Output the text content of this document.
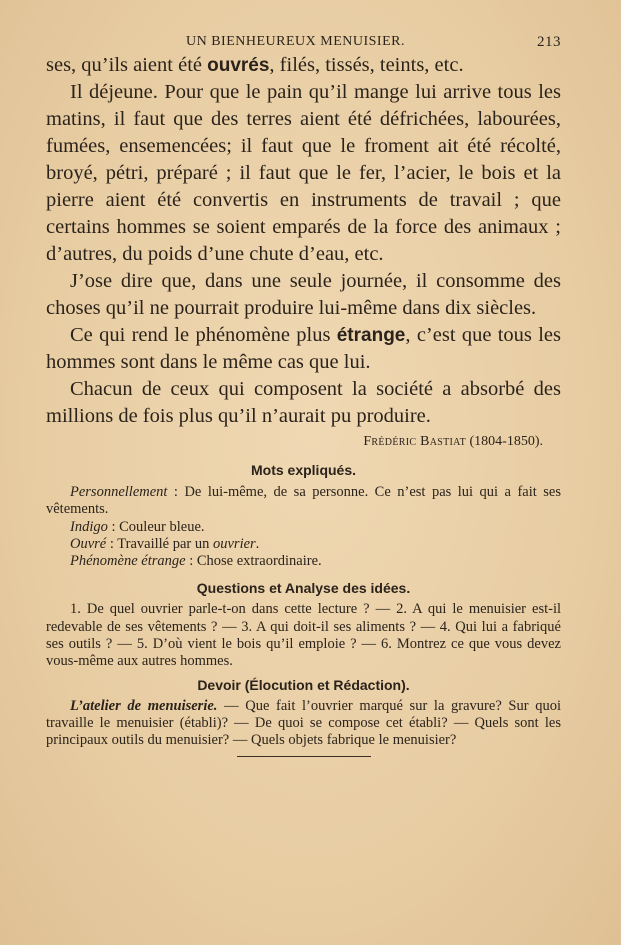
UN BIENHEUREUX MENUISIER.	213

ses, qu’ils aient été ouvrés, filés, tissés, teints, etc.

Il déjeune. Pour que le pain qu’il mange lui arrive tous les matins, il faut que des terres aient été défrichées, labourées, fumées, ensemencées; il faut que le froment ait été récolté, broyé, pétri, préparé ; il faut que le fer, l’acier, le bois et la pierre aient été convertis en instruments de travail ; que certains hommes se soient emparés de la force des animaux ; d’autres, du poids d’une chute d’eau, etc.

J’ose dire que, dans une seule journée, il consomme des choses qu’il ne pourrait produire lui-même dans dix siècles.

Ce qui rend le phénomène plus étrange, c’est que tous les hommes sont dans le même cas que lui.

Chacun de ceux qui composent la société a absorbé des millions de fois plus qu’il n’aurait pu produire.

Frédéric Bastiat (1804-1850).
Mots expliqués.

Personnellement : De lui-même, de sa personne. Ce n’est pas lui qui a fait ses vêtements.

Indigo : Couleur bleue.

Ouvré : Travaillé par un ouvrier.

Phénomène étrange : Chose extraordinaire.

Questions et Analyse des idées.

1. De quel ouvrier parle-t-on dans cette lecture ? — 2. A qui le menuisier est-il redevable de ses vêtements ? — 3. A qui doit-il ses aliments ? — 4. Qui lui a fabriqué ses outils ? — 5. D’où vient le bois qu’il emploie ? — 6. Montrez ce que vous devez vous-même aux autres hommes.

Devoir (Élocution et Rédaction).

L’atelier de menuiserie. — Que fait l’ouvrier marqué sur la gravure? Sur quoi travaille le menuisier (établi)? — De quoi se compose cet établi? — Quels sont les principaux outils du menuisier? — Quels objets fabrique le menuisier?
